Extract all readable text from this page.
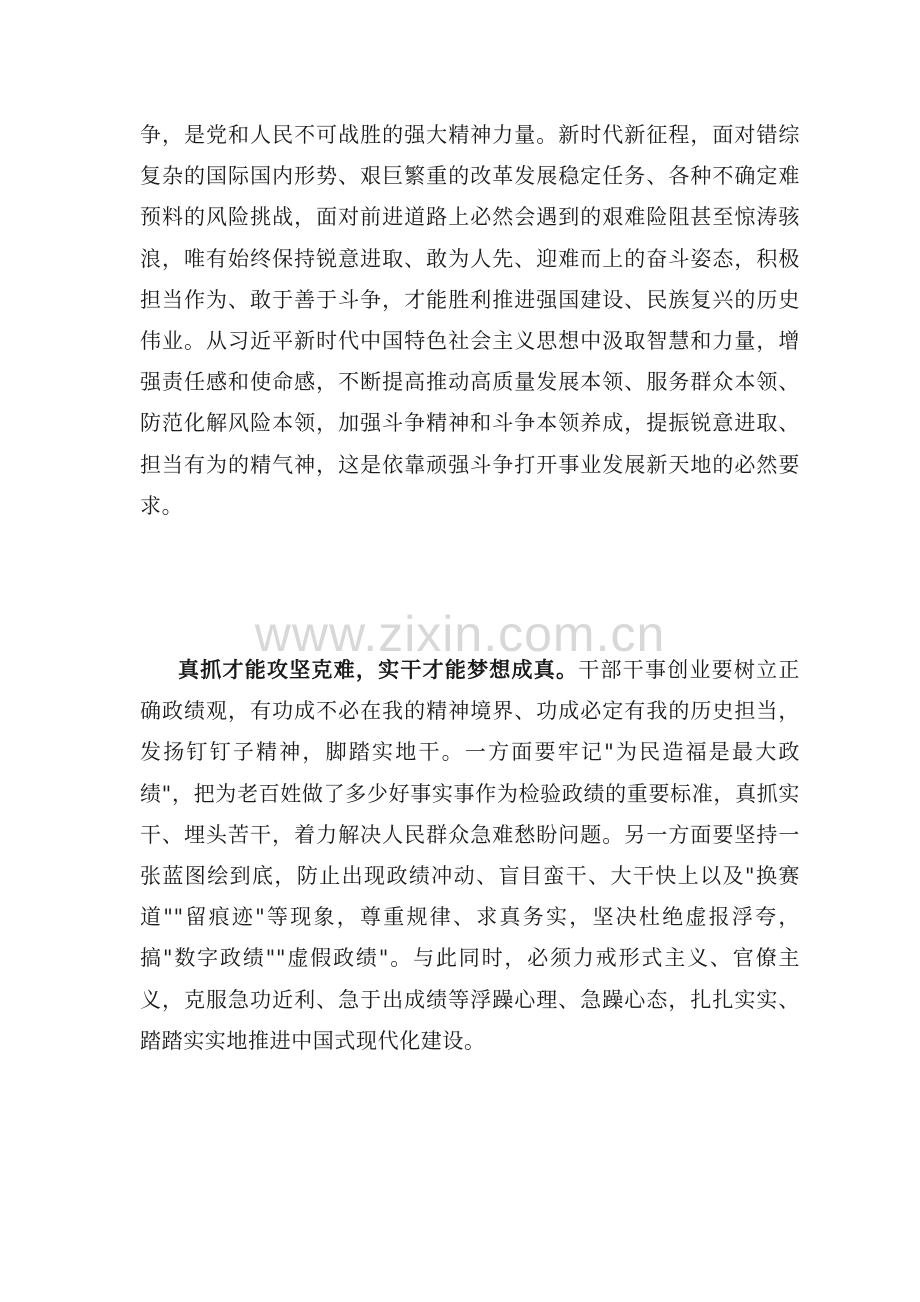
www.zixin.com.cn

争，是党和人民不可战胜的强大精神力量。新时代新征程，面对错综复杂的国际国内形势、艰巨繁重的改革发展稳定任务、各种不确定难预料的风险挑战，面对前进道路上必然会遇到的艰难险阻甚至惊涛骇浪，唯有始终保持锐意进取、敢为人先、迎难而上的奋斗姿态，积极担当作为、敢于善于斗争，才能胜利推进强国建设、民族复兴的历史伟业。从习近平新时代中国特色社会主义思想中汲取智慧和力量，增强责任感和使命感，不断提高推动高质量发展本领、服务群众本领、防范化解风险本领，加强斗争精神和斗争本领养成，提振锐意进取、担当有为的精气神，这是依靠顽强斗争打开事业发展新天地的必然要求。

真抓才能攻坚克难，实干才能梦想成真。干部干事创业要树立正确政绩观，有功成不必在我的精神境界、功成必定有我的历史担当，发扬钉钉子精神，脚踏实地干。一方面要牢记"为民造福是最大政绩"，把为老百姓做了多少好事实事作为检验政绩的重要标准，真抓实干、埋头苦干，着力解决人民群众急难愁盼问题。另一方面要坚持一张蓝图绘到底，防止出现政绩冲动、盲目蛮干、大干快上以及"换赛道""留痕迹"等现象，尊重规律、求真务实，坚决杜绝虚报浮夸，搞"数字政绩""虚假政绩"。与此同时，必须力戒形式主义、官僚主义，克服急功近利、急于出成绩等浮躁心理、急躁心态，扎扎实实、踏踏实实地推进中国式现代化建设。
